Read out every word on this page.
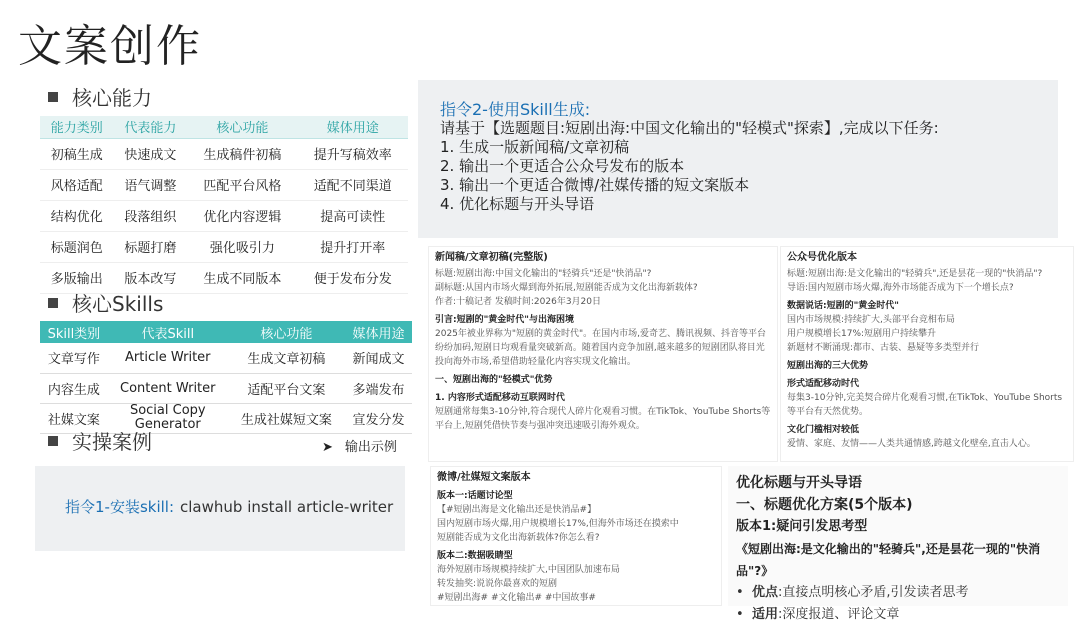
文案创作
核心能力
能力类别	代表能力	核心功能	媒体用途
初稿生成	快速成文	生成稿件初稿	提升写稿效率
风格适配	语气调整	匹配平台风格	适配不同渠道
结构优化	段落组织	优化内容逻辑	提高可读性
标题润色	标题打磨	强化吸引力	提升打开率
多版输出	版本改写	生成不同版本	便于发布分发
核心Skills
Skill类别	代表Skill	核心功能	媒体用途
文章写作	Article Writer	生成文章初稿	新闻成文
内容生成	Content Writer	适配平台文案	多端发布
社媒文案	Social Copy Generator	生成社媒短文案	宣发分发
实操案例	➤ 输出示例
指令1-安装skill: clawhub install article-writer
指令2-使用Skill生成:
请基于【选题题目:短剧出海:中国文化输出的"轻模式"探索】,完成以下任务:
1. 生成一版新闻稿/文章初稿
2. 输出一个更适合公众号发布的版本
3. 输出一个更适合微博/社媒传播的短文案版本
4. 优化标题与开头导语
新闻稿/文章初稿(完整版)
标题:短剧出海:中国文化输出的"轻骑兵"还是"快消品"?
副标题:从国内市场火爆到海外拓展,短剧能否成为文化出海新载体?
作者:十稿记者 发稿时间:2026年3月20日
引言:短剧的"黄金时代"与出海困境
2025年被业界称为"短剧的黄金时代"。在国内市场,爱奇艺、腾讯视频、抖音等平台纷纷加码,短剧日均观看量突破新高。随着国内竞争加剧,越来越多的短剧团队将目光投向海外市场,希望借助轻量化内容实现文化输出。
一、短剧出海的"轻模式"优势
1. 内容形式适配移动互联网时代
短剧通常每集3-10分钟,符合现代人碎片化观看习惯。在TikTok、YouTube Shorts等平台上,短剧凭借快节奏与强冲突迅速吸引海外观众。
公众号优化版本
标题:短剧出海:是文化输出的"轻骑兵",还是昙花一现的"快消品"?
导语:国内短剧市场火爆,海外市场能否成为下一个增长点?
数据说话:短剧的"黄金时代"
国内市场规模:持续扩大,头部平台竞相布局
用户规模增长17%:短剧用户持续攀升
新题材不断涌现:都市、古装、悬疑等多类型并行
短剧出海的三大优势
形式适配移动时代
每集3-10分钟,完美契合碎片化观看习惯,在TikTok、YouTube Shorts等平台有天然优势。
文化门槛相对较低
爱情、家庭、友情——人类共通情感,跨越文化壁垒,直击人心。
微博/社媒短文案版本
版本一:话题讨论型
【#短剧出海是文化输出还是快消品#】
国内短剧市场火爆,用户规模增长17%,但海外市场还在摸索中
短剧能否成为文化出海新载体?你怎么看?
版本二:数据吸睛型
海外短剧市场规模持续扩大,中国团队加速布局
转发抽奖:说说你最喜欢的短剧
#短剧出海# #文化输出# #中国故事#
优化标题与开头导语
一、标题优化方案(5个版本)
版本1:疑问引发思考型
《短剧出海:是文化输出的"轻骑兵",还是昙花一现的"快消品"?》
•  优点:直接点明核心矛盾,引发读者思考
•  适用:深度报道、评论文章
